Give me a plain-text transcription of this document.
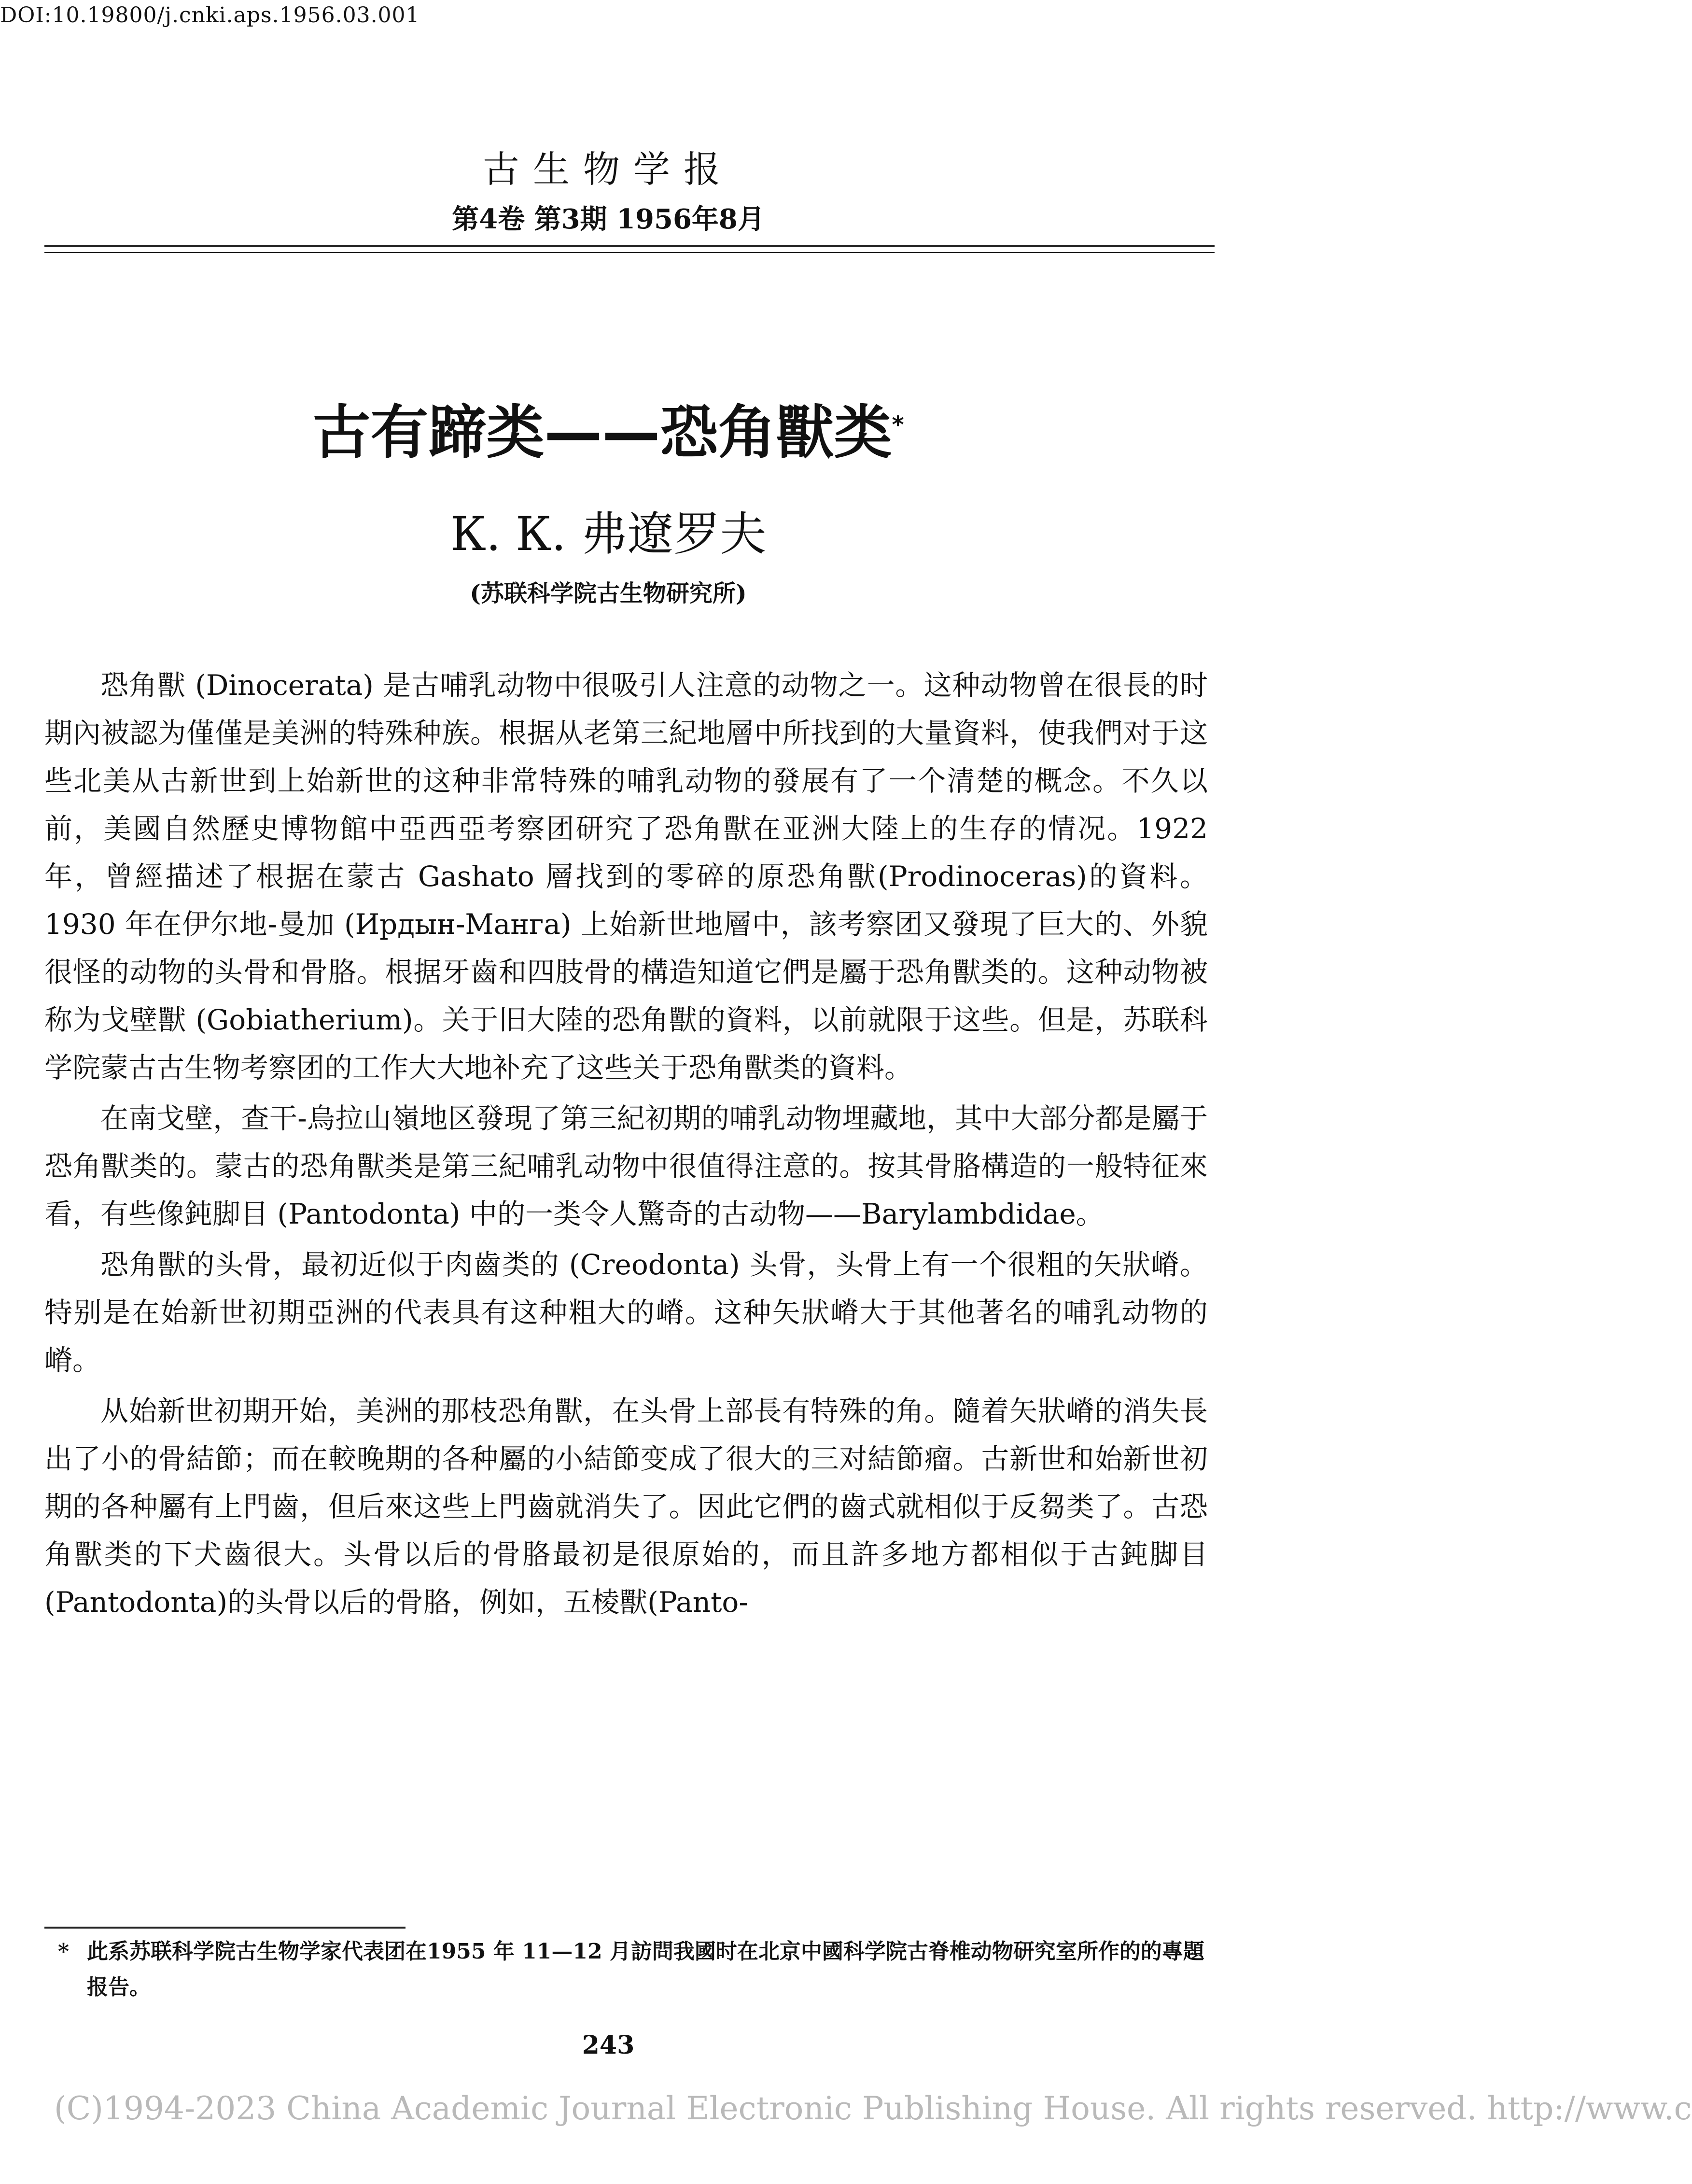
DOI:10.19800/j.cnki.aps.1956.03.001
古生物学报
第4卷 第3期 1956年8月
古有蹄类——恐角獸类*
К. К. 弗遼罗夫
(苏联科学院古生物研究所)

恐角獸 (Dinocerata) 是古哺乳动物中很吸引人注意的动物之一。这种动物曾在很長的时期內被認为僅僅是美洲的特殊种族。根据从老第三紀地層中所找到的大量資料，使我們对于这些北美从古新世到上始新世的这种非常特殊的哺乳动物的發展有了一个清楚的概念。不久以前，美國自然歷史博物館中亞西亞考察团研究了恐角獸在亚洲大陸上的生存的情况。1922 年，曾經描述了根据在蒙古 Gashato 層找到的零碎的原恐角獸(Prodinoceras)的資料。1930 年在伊尔地-曼加 (Ирдын-Манга) 上始新世地層中，該考察团又發現了巨大的、外貌很怪的动物的头骨和骨胳。根据牙齒和四肢骨的構造知道它們是屬于恐角獸类的。这种动物被称为戈壁獸 (Gobiatherium)。关于旧大陸的恐角獸的資料，以前就限于这些。但是，苏联科学院蒙古古生物考察团的工作大大地补充了这些关于恐角獸类的資料。

在南戈壁，查干-烏拉山嶺地区發現了第三紀初期的哺乳动物埋藏地，其中大部分都是屬于恐角獸类的。蒙古的恐角獸类是第三紀哺乳动物中很值得注意的。按其骨胳構造的一般特征來看，有些像鈍脚目 (Pantodonta) 中的一类令人驚奇的古动物——Barylambdidae。

恐角獸的头骨，最初近似于肉齒类的 (Creodonta) 头骨，头骨上有一个很粗的矢狀嵴。特别是在始新世初期亞洲的代表具有这种粗大的嵴。这种矢狀嵴大于其他著名的哺乳动物的嵴。

从始新世初期开始，美洲的那枝恐角獸，在头骨上部長有特殊的角。隨着矢狀嵴的消失長出了小的骨結節；而在較晚期的各种屬的小結節变成了很大的三对結節瘤。古新世和始新世初期的各种屬有上門齒，但后來这些上門齒就消失了。因此它們的齒式就相似于反芻类了。古恐角獸类的下犬齒很大。头骨以后的骨胳最初是很原始的，而且許多地方都相似于古鈍脚目(Pantodonta)的头骨以后的骨胳，例如，五棱獸(Panto-

* 此系苏联科学院古生物学家代表团在1955 年 11—12 月訪問我國时在北京中國科学院古脊椎动物研究室所作的的專題报告。
243
(C)1994-2023 China Academic Journal Electronic Publishing House. All rights reserved. http://www.c
